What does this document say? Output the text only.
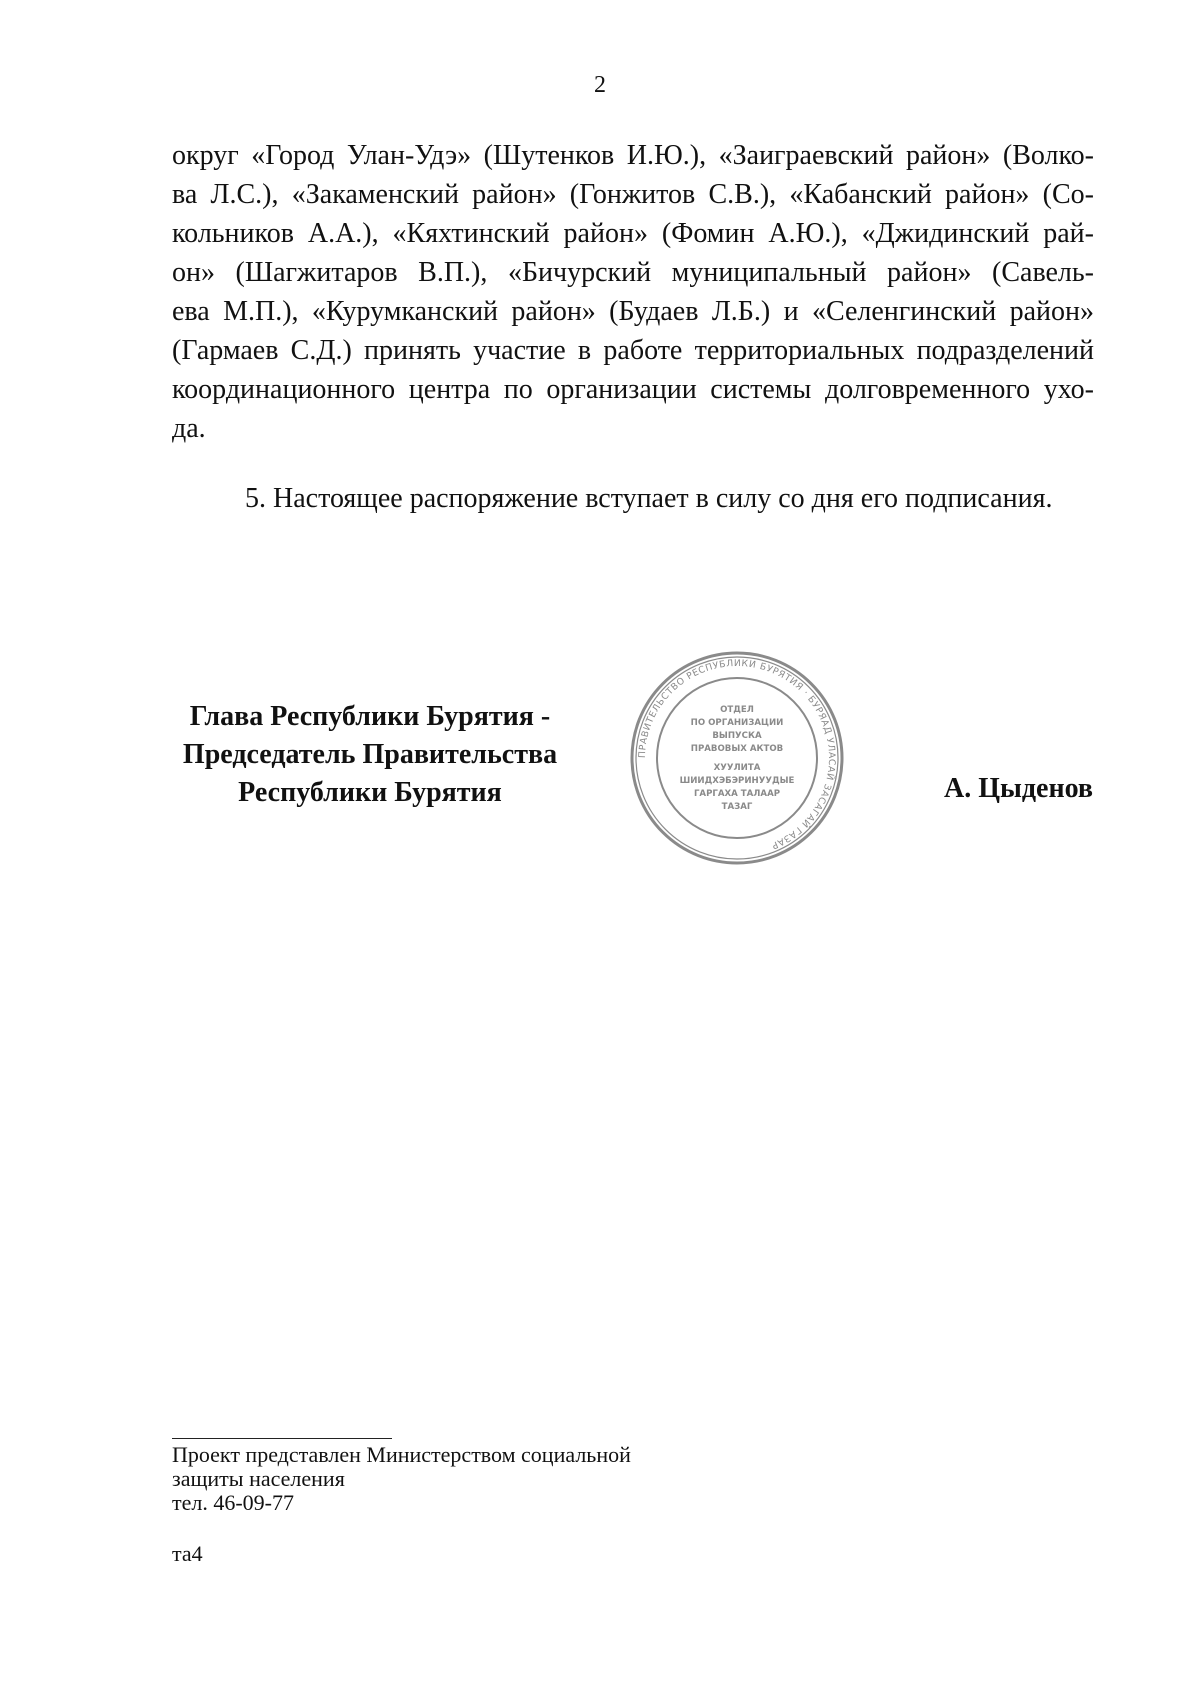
2
округ «Город Улан-Удэ» (Шутенков И.Ю.), «Заиграевский район» (Волко-
ва Л.С.), «Закаменский район» (Гонжитов С.В.), «Кабанский район» (Со-
кольников А.А.), «Кяхтинский район» (Фомин А.Ю.), «Джидинский рай-
он» (Шагжитаров В.П.), «Бичурский муниципальный район» (Савель-
ева М.П.), «Курумканский район» (Будаев Л.Б.) и «Селенгинский район»
(Гармаев С.Д.) принять участие в работе территориальных подразделений
координационного центра по организации системы долговременного ухо-
да.
5. Настоящее распоряжение вступает в силу со дня его подписания.
Глава Республики Бурятия -
Председатель Правительства
Республики Бурятия
ПРАВИТЕЛЬСТВО РЕСПУБЛИКИ БУРЯТИЯ · БУРЯАД УЛАСАЙ ЗАСАГАЙ ГАЗАР
ОТДЕЛ
ПО ОРГАНИЗАЦИИ
ВЫПУСКА
ПРАВОВЫХ АКТОВ
ХУУЛИТА
ШИИДХЭБЭРИНУУДЫЕ
ГАРГАХА ТАЛААР
ТАЗАГ
А. Цыденов
Проект представлен Министерством социальной
защиты населения
тел. 46-09-77
та4
